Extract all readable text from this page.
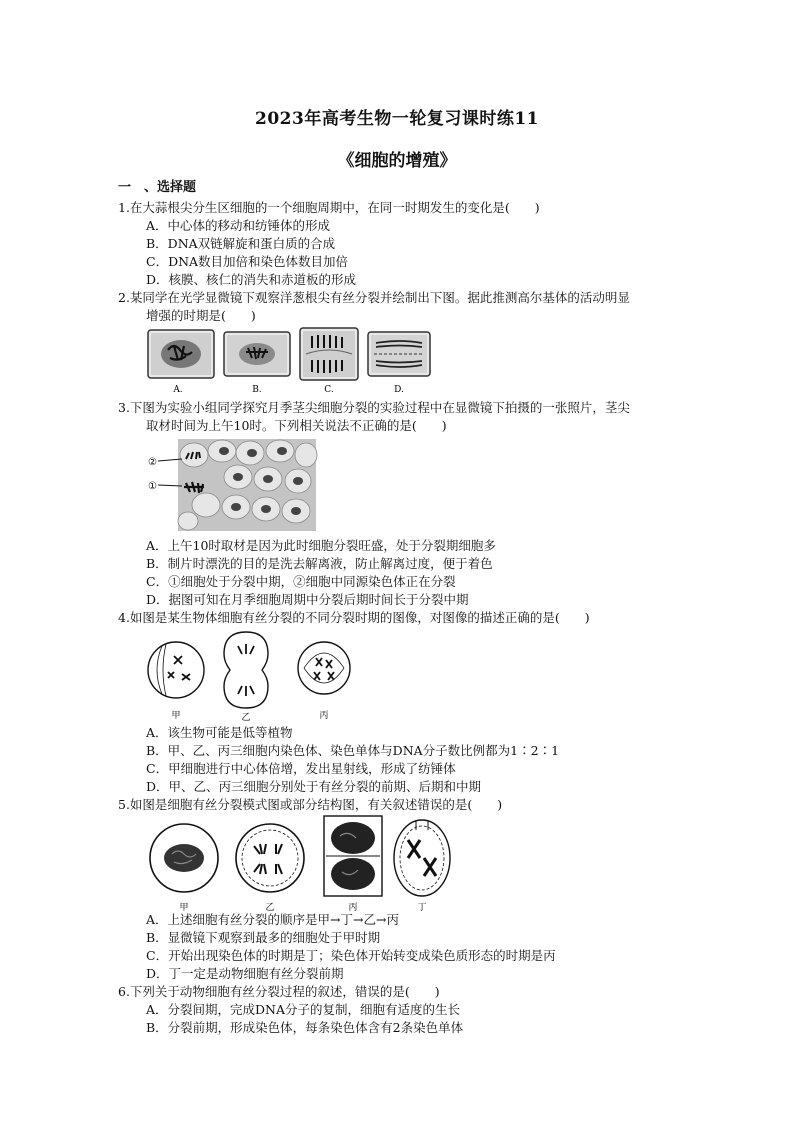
2023年高考生物一轮复习课时练11
《细胞的增殖》
一　、选择题
1.在大蒜根尖分生区细胞的一个细胞周期中，在同一时期发生的变化是(　　)
A．中心体的移动和纺锤体的形成
B．DNA双链解旋和蛋白质的合成
C．DNA数目加倍和染色体数目加倍
D．核膜、核仁的消失和赤道板的形成
2.某同学在光学显微镜下观察洋葱根尖有丝分裂并绘制出下图。据此推测高尔基体的活动明显
增强的时期是(　　)
A.	B.	C.	D.
3.下图为实验小组同学探究月季茎尖细胞分裂的实验过程中在显微镜下拍摄的一张照片，茎尖
取材时间为上午10时。下列相关说法不正确的是(　　)
②
①
A．上午10时取材是因为此时细胞分裂旺盛，处于分裂期细胞多
B．制片时漂洗的目的是洗去解离液，防止解离过度，便于着色
C．①细胞处于分裂中期，②细胞中同源染色体正在分裂
D．据图可知在月季细胞周期中分裂后期时间长于分裂中期
4.如图是某生物体细胞有丝分裂的不同分裂时期的图像，对图像的描述正确的是(　　)
甲	乙	丙
A．该生物可能是低等植物
B．甲、乙、丙三细胞内染色体、染色单体与DNA分子数比例都为1∶2∶1
C．甲细胞进行中心体倍增，发出星射线，形成了纺锤体
D．甲、乙、丙三细胞分别处于有丝分裂的前期、后期和中期
5.如图是细胞有丝分裂模式图或部分结构图，有关叙述错误的是(　　)
甲	乙	丙	丁
A．上述细胞有丝分裂的顺序是甲→丁→乙→丙
B．显微镜下观察到最多的细胞处于甲时期
C．开始出现染色体的时期是丁；染色体开始转变成染色质形态的时期是丙
D．丁一定是动物细胞有丝分裂前期
6.下列关于动物细胞有丝分裂过程的叙述，错误的是(　　)
A．分裂间期，完成DNA分子的复制，细胞有适度的生长
B．分裂前期，形成染色体，每条染色体含有2条染色单体
